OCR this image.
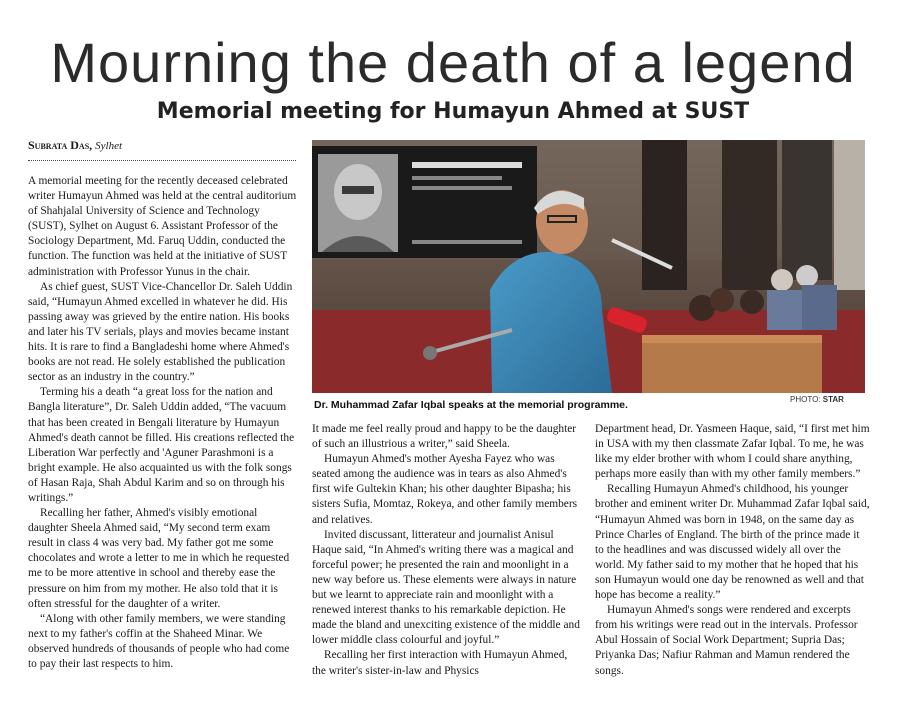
Mourning the death of a legend
Memorial meeting for Humayun Ahmed at SUST
Subrata Das, Sylhet

A memorial meeting for the recently deceased celebrated writer Humayun Ahmed was held at the central auditorium of Shahjalal University of Science and Technology (SUST), Sylhet on August 6. Assistant Professor of the Sociology Department, Md. Faruq Uddin, conducted the function. The function was held at the initiative of SUST administration with Professor Yunus in the chair.

As chief guest, SUST Vice-Chancellor Dr. Saleh Uddin said, “Humayun Ahmed excelled in whatever he did. His passing away was grieved by the entire nation. His books and later his TV serials, plays and movies became instant hits. It is rare to find a Bangladeshi home where Ahmed's books are not read. He solely established the publication sector as an industry in the country.”

Terming his a death “a great loss for the nation and Bangla literature”, Dr. Saleh Uddin added, “The vacuum that has been created in Bengali literature by Humayun Ahmed's death cannot be filled. His creations reflected the Liberation War perfectly and 'Aguner Parashmoni is a bright example. He also acquainted us with the folk songs of Hasan Raja, Shah Abdul Karim and so on through his writings.”

Recalling her father, Ahmed's visibly emotional daughter Sheela Ahmed said, “My second term exam result in class 4 was very bad. My father got me some chocolates and wrote a letter to me in which he requested me to be more attentive in school and thereby ease the pressure on him from my mother. He also told that it is often stressful for the daughter of a writer.

“Along with other family members, we were standing next to my father's coffin at the Shaheed Minar. We observed hundreds of thousands of people who had come to pay their last respects to him.

Dr. Muhammad Zafar Iqbal speaks at the memorial programme.	PHOTO: STAR

It made me feel really proud and happy to be the daughter of such an illustrious a writer,” said Sheela.

Humayun Ahmed's mother Ayesha Fayez who was seated among the audience was in tears as also Ahmed's first wife Gultekin Khan; his other daughter Bipasha; his sisters Sufia, Momtaz, Rokeya, and other family members and relatives.

Invited discussant, litterateur and journalist Anisul Haque said, “In Ahmed's writing there was a magical and forceful power; he presented the rain and moonlight in a new way before us. These elements were always in nature but we learnt to appreciate rain and moonlight with a renewed interest thanks to his remarkable depiction. He made the bland and unexciting existence of the middle and lower middle class colourful and joyful.”

Recalling her first interaction with Humayun Ahmed, the writer's sister-in-law and Physics

Department head, Dr. Yasmeen Haque, said, “I first met him in USA with my then classmate Zafar Iqbal. To me, he was like my elder brother with whom I could share anything, perhaps more easily than with my other family members.”

Recalling Humayun Ahmed's childhood, his younger brother and eminent writer Dr. Muhammad Zafar Iqbal said, “Humayun Ahmed was born in 1948, on the same day as Prince Charles of England. The birth of the prince made it to the headlines and was discussed widely all over the world. My father said to my mother that he hoped that his son Humayun would one day be renowned as well and that hope has become a reality.”

Humayun Ahmed's songs were rendered and excerpts from his writings were read out in the intervals. Professor Abul Hossain of Social Work Department; Supria Das; Priyanka Das; Nafiur Rahman and Mamun rendered the songs.
